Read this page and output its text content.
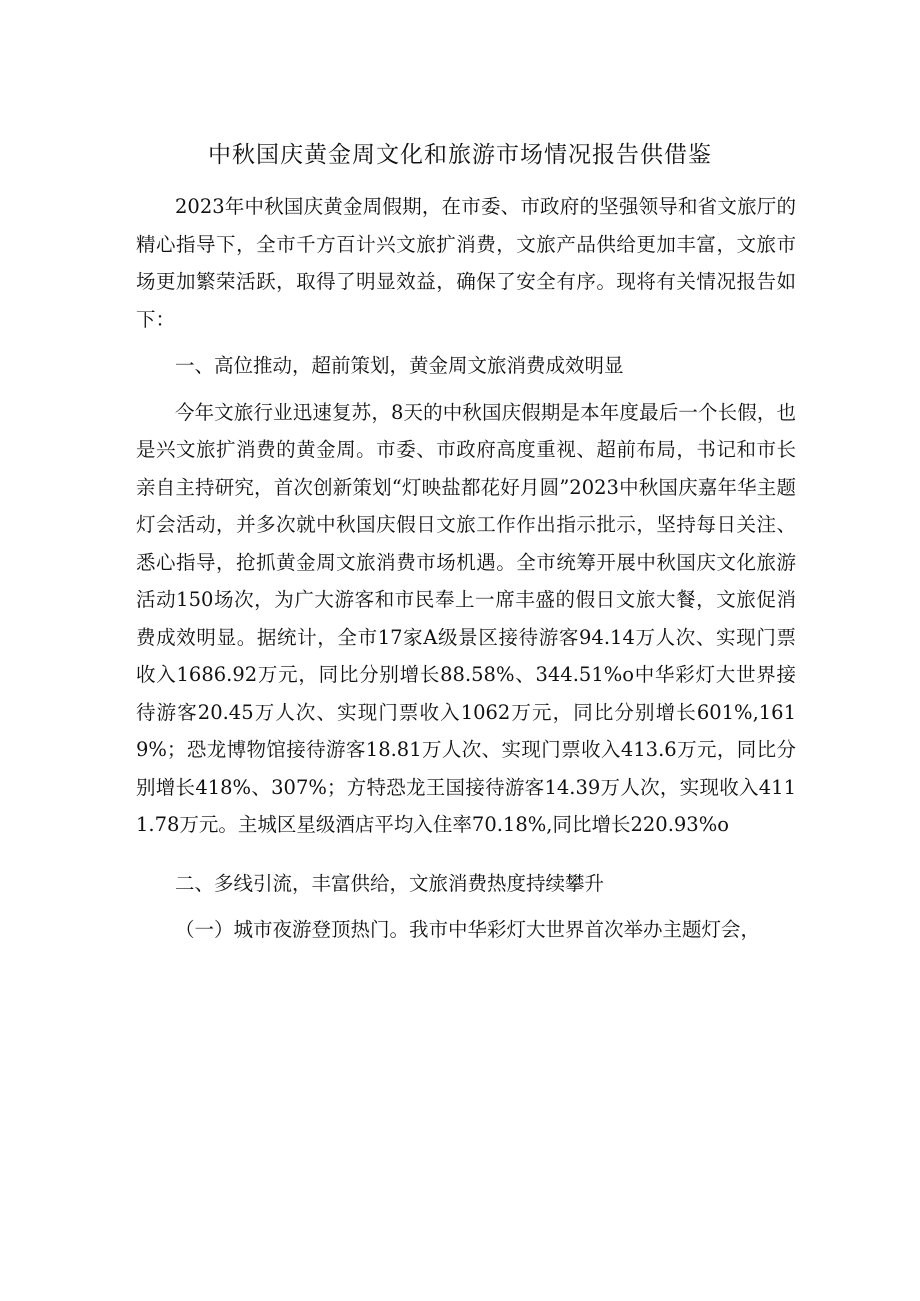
中秋国庆黄金周文化和旅游市场情况报告供借鉴

2023年中秋国庆黄金周假期，在市委、市政府的坚强领导和省文旅厅的精心指导下，全市千方百计兴文旅扩消费，文旅产品供给更加丰富，文旅市场更加繁荣活跃，取得了明显效益，确保了安全有序。现将有关情况报告如下：

一、高位推动，超前策划，黄金周文旅消费成效明显

今年文旅行业迅速复苏，8天的中秋国庆假期是本年度最后一个长假，也是兴文旅扩消费的黄金周。市委、市政府高度重视、超前布局，书记和市长亲自主持研究，首次创新策划“灯映盐都花好月圆”2023中秋国庆嘉年华主题灯会活动，并多次就中秋国庆假日文旅工作作出指示批示，坚持每日关注、悉心指导，抢抓黄金周文旅消费市场机遇。全市统筹开展中秋国庆文化旅游活动150场次，为广大游客和市民奉上一席丰盛的假日文旅大餐，文旅促消费成效明显。据统计，全市17家A级景区接待游客94.14万人次、实现门票收入1686.92万元，同比分别增长88.58%、344.51%o中华彩灯大世界接待游客20.45万人次、实现门票收入1062万元，同比分别增长601%,1619%；恐龙博物馆接待游客18.81万人次、实现门票收入413.6万元，同比分别增长418%、307%；方特恐龙王国接待游客14.39万人次，实现收入4111.78万元。主城区星级酒店平均入住率70.18%,同比增长220.93%o

二、多线引流，丰富供给，文旅消费热度持续攀升

（一）城市夜游登顶热门。我市中华彩灯大世界首次举办主题灯会，
